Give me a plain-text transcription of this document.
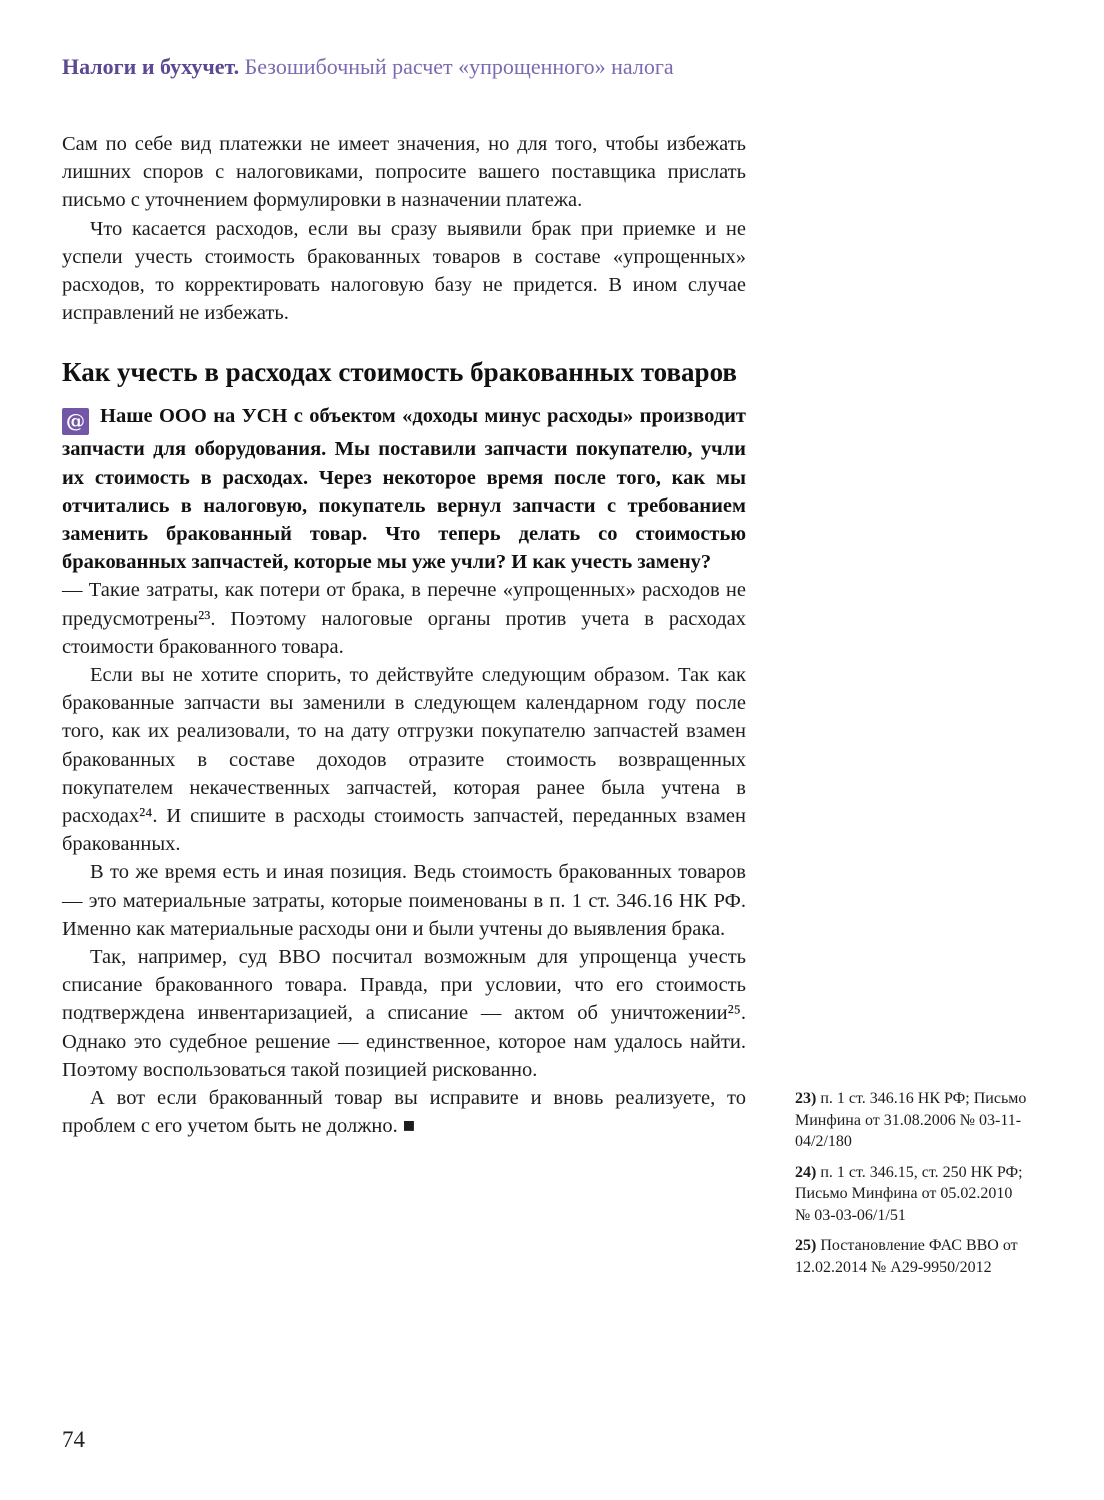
Налоги и бухучет. Безошибочный расчет «упрощенного» налога

Сам по себе вид платежки не имеет значения, но для того, чтобы избежать лишних споров с налоговиками, попросите вашего поставщика прислать письмо с уточнением формулировки в назначении платежа.

Что касается расходов, если вы сразу выявили брак при приемке и не успели учесть стоимость бракованных товаров в составе «упрощенных» расходов, то корректировать налоговую базу не придется. В ином случае исправлений не избежать.

Как учесть в расходах стоимость бракованных товаров
@ Наше ООО на УСН с объектом «доходы минус расходы» производит запчасти для оборудования. Мы поставили запчасти покупателю, учли их стоимость в расходах. Через некоторое время после того, как мы отчитались в налоговую, покупатель вернул запчасти с требованием заменить бракованный товар. Что теперь делать со стоимостью бракованных запчастей, которые мы уже учли? И как учесть замену?

— Такие затраты, как потери от брака, в перечне «упрощенных» расходов не предусмотрены²³. Поэтому налоговые органы против учета в расходах стоимости бракованного товара.

Если вы не хотите спорить, то действуйте следующим образом. Так как бракованные запчасти вы заменили в следующем календарном году после того, как их реализовали, то на дату отгрузки покупателю запчастей взамен бракованных в составе доходов отразите стоимость возвращенных покупателем некачественных запчастей, которая ранее была учтена в расходах²⁴. И спишите в расходы стоимость запчастей, переданных взамен бракованных.

В то же время есть и иная позиция. Ведь стоимость бракованных товаров — это материальные затраты, которые поименованы в п. 1 ст. 346.16 НК РФ. Именно как материальные расходы они и были учтены до выявления брака.

Так, например, суд ВВО посчитал возможным для упрощенца учесть списание бракованного товара. Правда, при условии, что его стоимость подтверждена инвентаризацией, а списание — актом об уничтожении²⁵. Однако это судебное решение — единственное, которое нам удалось найти. Поэтому воспользоваться такой позицией рискованно.

А вот если бракованный товар вы исправите и вновь реализуете, то проблем с его учетом быть не должно. ■

23) п. 1 ст. 346.16 НК РФ; Письмо Минфина от 31.08.2006 № 03-11-04/2/180

24) п. 1 ст. 346.15, ст. 250 НК РФ; Письмо Минфина от 05.02.2010 № 03-03-06/1/51

25) Постановление ФАС ВВО от 12.02.2014 № А29-9950/2012

74
